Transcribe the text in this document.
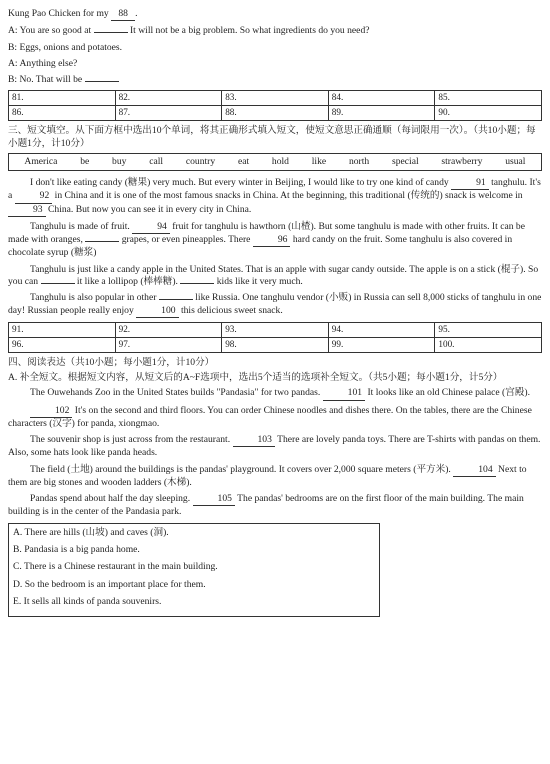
Kung Pao Chicken for my 88 .

A: You are so good at	It will not be a big problem. So what ingredients do you need?

B: Eggs, onions and potatoes.

A: Anything else?

B: No. That will be

81.	82.	83.	84.	85.
86.	87.	88.	89.	90.

三、短文填空。从下面方框中选出10个单词，将其正确形式填入短文，使短文意思正确通顺（每词限用一次）。（共10小题；每小题1分，计10分）

America be buy call country eat hold like north special strawberry usual

I don't like eating candy (糖果) very much. But every winter in Beijing, I would like to try one kind of candy	91 tanghulu. It's a	92 in China and it is one of the most famous snacks in China. At the beginning, this traditional (传统的) snack is welcome in 93 China. But now you can see it in every city in China.

Tanghulu is made of fruit.	94 fruit for tanghulu is hawthorn (山楂). But some tanghulu is made with other fruits. It can be made with oranges,	grapes, or even pineapples. There	96 hard candy on the fruit. Some tanghulu is also covered in chocolate syrup (糖浆)

Tanghulu is just like a candy apple in the United States. That is an apple with sugar candy outside. The apple is on a stick (棍子). So you can	it like a lollipop (棒棒糖).	kids like it very much.

Tanghulu is also popular in other	like Russia. One tanghulu vendor (小贩) in Russia can sell 8,000 sticks of tanghulu in one day! Russian people really enjoy	100 this delicious sweet snack.

91.	92.	93.	94.	95.
96.	97.	98.	99.	100.

四、阅读表达（共10小题；每小题1分，计10分）

A. 补全短文。根据短文内容，从短文后的A~F选项中，选出5个适当的选项补全短文。（共5小题；每小题1分，计5分）

The Ouwehands Zoo in the United States builds "Pandasia" for two pandas.	101 It looks like an old Chinese palace (宫殿).

102 It's on the second and third floors. You can order Chinese noodles and dishes there. On the tables, there are the Chinese characters (汉字) for panda, xiongmao.

The souvenir shop is just across from the restaurant.	103 There are lovely panda toys. There are T-shirts with pandas on them. Also, some hats look like panda heads.

The field (土地) around the buildings is the pandas' playground. It covers over 2,000 square meters (平方米).	104 Next to them are big stones and wooden ladders (木梯).

Pandas spend about half the day sleeping.	105 The pandas' bedrooms are on the first floor of the main building. The main building is in the center of the Pandasia park.

A. There are hills (山坡) and caves (洞).

B. Pandasia is a big panda home.

C. There is a Chinese restaurant in the main building.

D. So the bedroom is an important place for them.

E. It sells all kinds of panda souvenirs.
